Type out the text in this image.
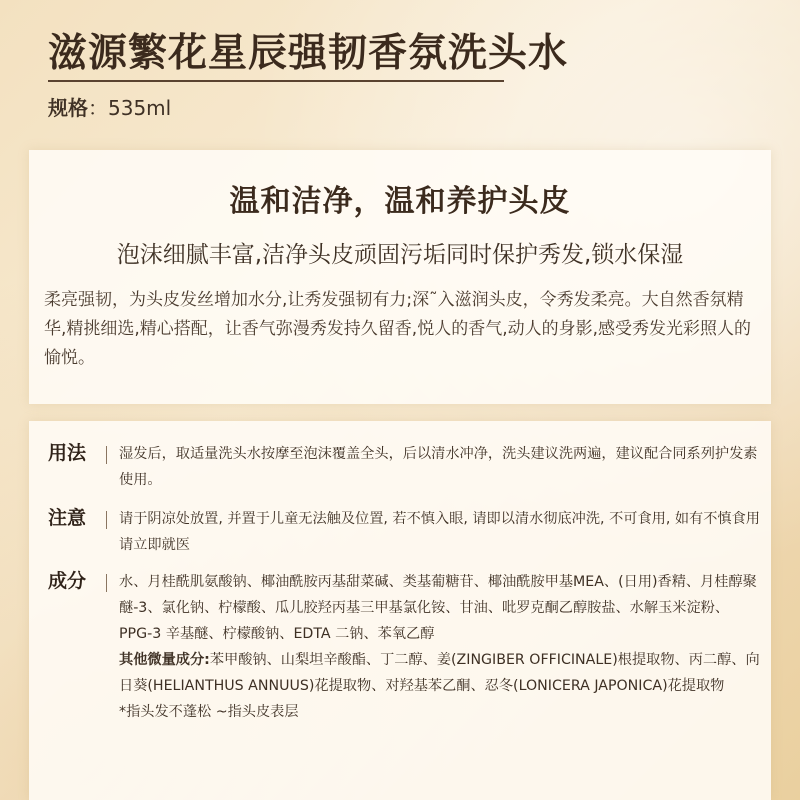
滋源繁花星辰强韧香氛洗头水
规格：535ml
温和洁净，温和养护头皮
泡沫细腻丰富,洁净头皮顽固污垢同时保护秀发,锁水保湿

柔亮强韧，为头皮发丝增加水分,让秀发强韧有力;深˜入滋润头皮，令秀发柔亮。大自然香氛精华,精挑细选,精心搭配，让香气弥漫秀发持久留香,悦人的香气,动人的身影,感受秀发光彩照人的愉悦。

用法	湿发后，取适量洗头水按摩至泡沫覆盖全头，后以清水冲净，洗头建议洗两遍，建议配合同系列护发素使用。
注意	请于阴凉处放置, 并置于儿童无法触及位置, 若不慎入眼, 请即以清水彻底冲洗, 不可食用, 如有不慎食用请立即就医
成分	水、月桂酰肌氨酸钠、椰油酰胺丙基甜菜碱、类基葡糖苷、椰油酰胺甲基MEA、(日用)香精、月桂醇聚醚-3、氯化钠、柠檬酸、瓜儿胶羟丙基三甲基氯化铵、甘油、吡罗克酮乙醇胺盐、水解玉米淀粉、PPG-3 辛基醚、柠檬酸钠、EDTA 二钠、苯氧乙醇
其他微量成分:苯甲酸钠、山梨坦辛酸酯、丁二醇、姜(ZINGIBER OFFICINALE)根提取物、丙二醇、向日葵(HELIANTHUS ANNUUS)花提取物、对羟基苯乙酮、忍冬(LONICERA JAPONICA)花提取物
*指头发不蓬松 ~指头皮表层
